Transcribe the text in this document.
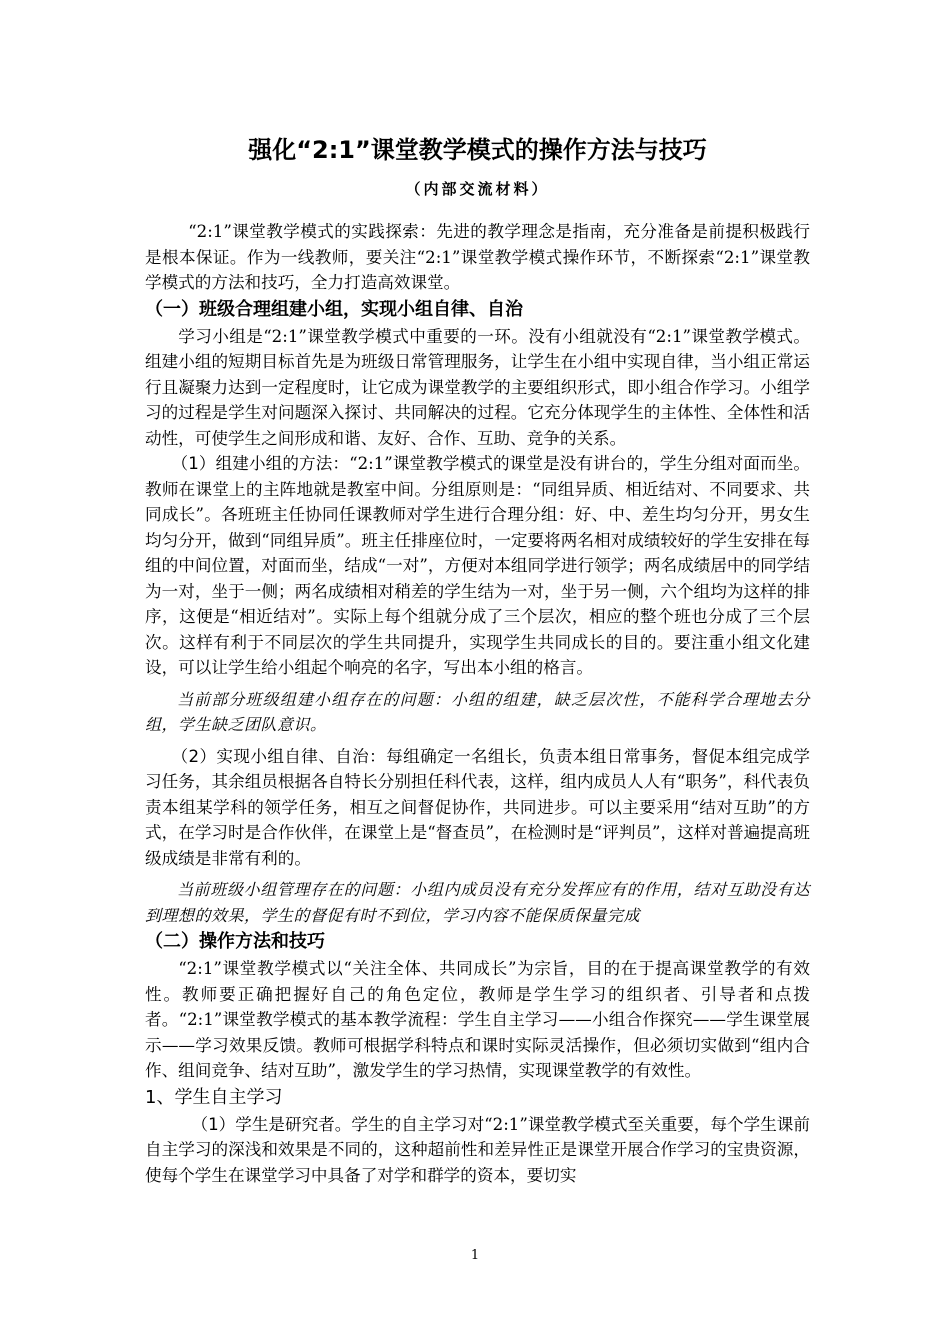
强化“2:1”课堂教学模式的操作方法与技巧
（内部交流材料）

“2:1”课堂教学模式的实践探索：先进的教学理念是指南，充分准备是前提积极践行是根本保证。作为一线教师，要关注“2:1”课堂教学模式操作环节，不断探索“2:1”课堂教学模式的方法和技巧，全力打造高效课堂。

（一）班级合理组建小组，实现小组自律、自治

学习小组是“2:1”课堂教学模式中重要的一环。没有小组就没有“2:1”课堂教学模式。组建小组的短期目标首先是为班级日常管理服务，让学生在小组中实现自律，当小组正常运行且凝聚力达到一定程度时，让它成为课堂教学的主要组织形式，即小组合作学习。小组学习的过程是学生对问题深入探讨、共同解决的过程。它充分体现学生的主体性、全体性和活动性，可使学生之间形成和谐、友好、合作、互助、竞争的关系。

（1）组建小组的方法：“2:1”课堂教学模式的课堂是没有讲台的，学生分组对面而坐。教师在课堂上的主阵地就是教室中间。分组原则是：“同组异质、相近结对、不同要求、共同成长”。各班班主任协同任课教师对学生进行合理分组：好、中、差生均匀分开，男女生均匀分开，做到“同组异质”。班主任排座位时，一定要将两名相对成绩较好的学生安排在每组的中间位置，对面而坐，结成“一对”，方便对本组同学进行领学；两名成绩居中的同学结为一对，坐于一侧；两名成绩相对稍差的学生结为一对，坐于另一侧，六个组均为这样的排序，这便是“相近结对”。实际上每个组就分成了三个层次，相应的整个班也分成了三个层次。这样有利于不同层次的学生共同提升，实现学生共同成长的目的。要注重小组文化建设，可以让学生给小组起个响亮的名字，写出本小组的格言。

当前部分班级组建小组存在的问题：小组的组建，缺乏层次性，不能科学合理地去分组，学生缺乏团队意识。

（2）实现小组自律、自治：每组确定一名组长，负责本组日常事务，督促本组完成学习任务，其余组员根据各自特长分别担任科代表，这样，组内成员人人有“职务”，科代表负责本组某学科的领学任务，相互之间督促协作，共同进步。可以主要采用“结对互助”的方式，在学习时是合作伙伴，在课堂上是“督查员”，在检测时是“评判员”，这样对普遍提高班级成绩是非常有利的。

当前班级小组管理存在的问题：小组内成员没有充分发挥应有的作用，结对互助没有达到理想的效果，学生的督促有时不到位，学习内容不能保质保量完成

（二）操作方法和技巧

“2:1”课堂教学模式以“关注全体、共同成长”为宗旨，目的在于提高课堂教学的有效性。教师要正确把握好自己的角色定位，教师是学生学习的组织者、引导者和点拨者。“2:1”课堂教学模式的基本教学流程：学生自主学习——小组合作探究——学生课堂展示——学习效果反馈。教师可根据学科特点和课时实际灵活操作，但必须切实做到“组内合作、组间竞争、结对互助”，激发学生的学习热情，实现课堂教学的有效性。

1、学生自主学习

（1）学生是研究者。学生的自主学习对“2:1”课堂教学模式至关重要，每个学生课前自主学习的深浅和效果是不同的，这种超前性和差异性正是课堂开展合作学习的宝贵资源，使每个学生在课堂学习中具备了对学和群学的资本，要切实

1
